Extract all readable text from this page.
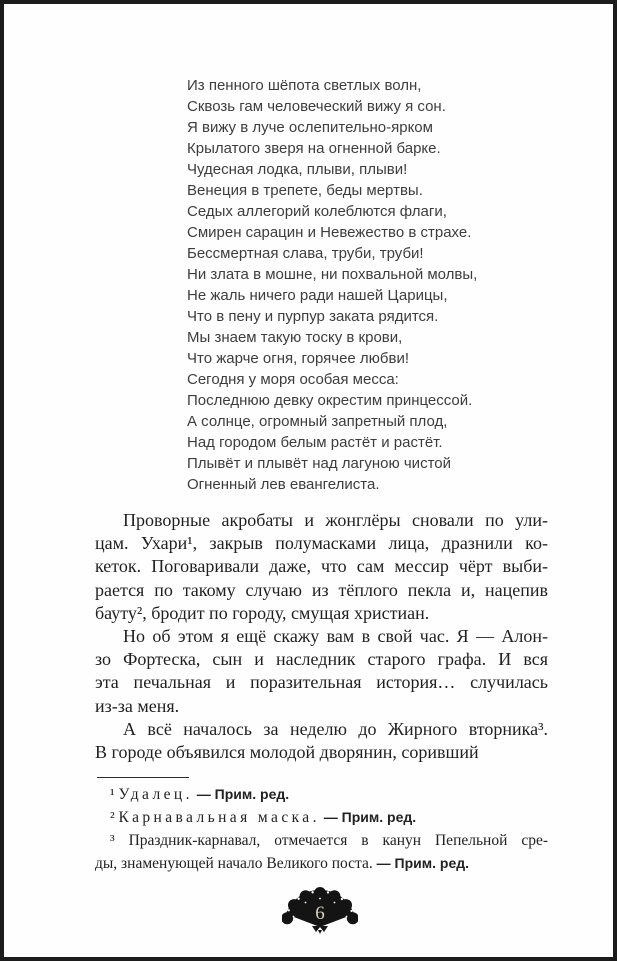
Из пенного шёпота светлых волн,
Сквозь гам человеческий вижу я сон.
Я вижу в луче ослепительно-ярком
Крылатого зверя на огненной барке.
Чудесная лодка, плыви, плыви!
Венеция в трепете, беды мертвы.
Седых аллегорий колеблются флаги,
Смирен сарацин и Невежество в страхе.
Бессмертная слава, труби, труби!
Ни злата в мошне, ни похвальной молвы,
Не жаль ничего ради нашей Царицы,
Что в пену и пурпур заката рядится.
Мы знаем такую тоску в крови,
Что жарче огня, горячее любви!
Сегодня у моря особая месса:
Последнюю девку окрестим принцессой.
А солнце, огромный запретный плод,
Над городом белым растёт и растёт.
Плывёт и плывёт над лагуною чистой
Огненный лев евангелиста.
Проворные акробаты и жонглёры сновали по ули-
цам. Ухари¹, закрыв полумасками лица, дразнили ко-
кеток. Поговаривали даже, что сам мессир чёрт выби-
рается по такому случаю из тёплого пекла и, нацепив
бауту², бродит по городу, смущая христиан.
Но об этом я ещё скажу вам в свой час. Я — Алон-
зо Фортеска, сын и наследник старого графа. И вся
эта печальная и поразительная история… случилась
из-за меня.
А всё началось за неделю до Жирного вторника³.
В городе объявился молодой дворянин, соривший
¹ Удалец. — Прим. ред.
² Карнавальная маска. — Прим. ред.
³ Праздник-карнавал, отмечается в канун Пепельной сре-
ды, знаменующей начало Великого поста. — Прим. ред.
6
